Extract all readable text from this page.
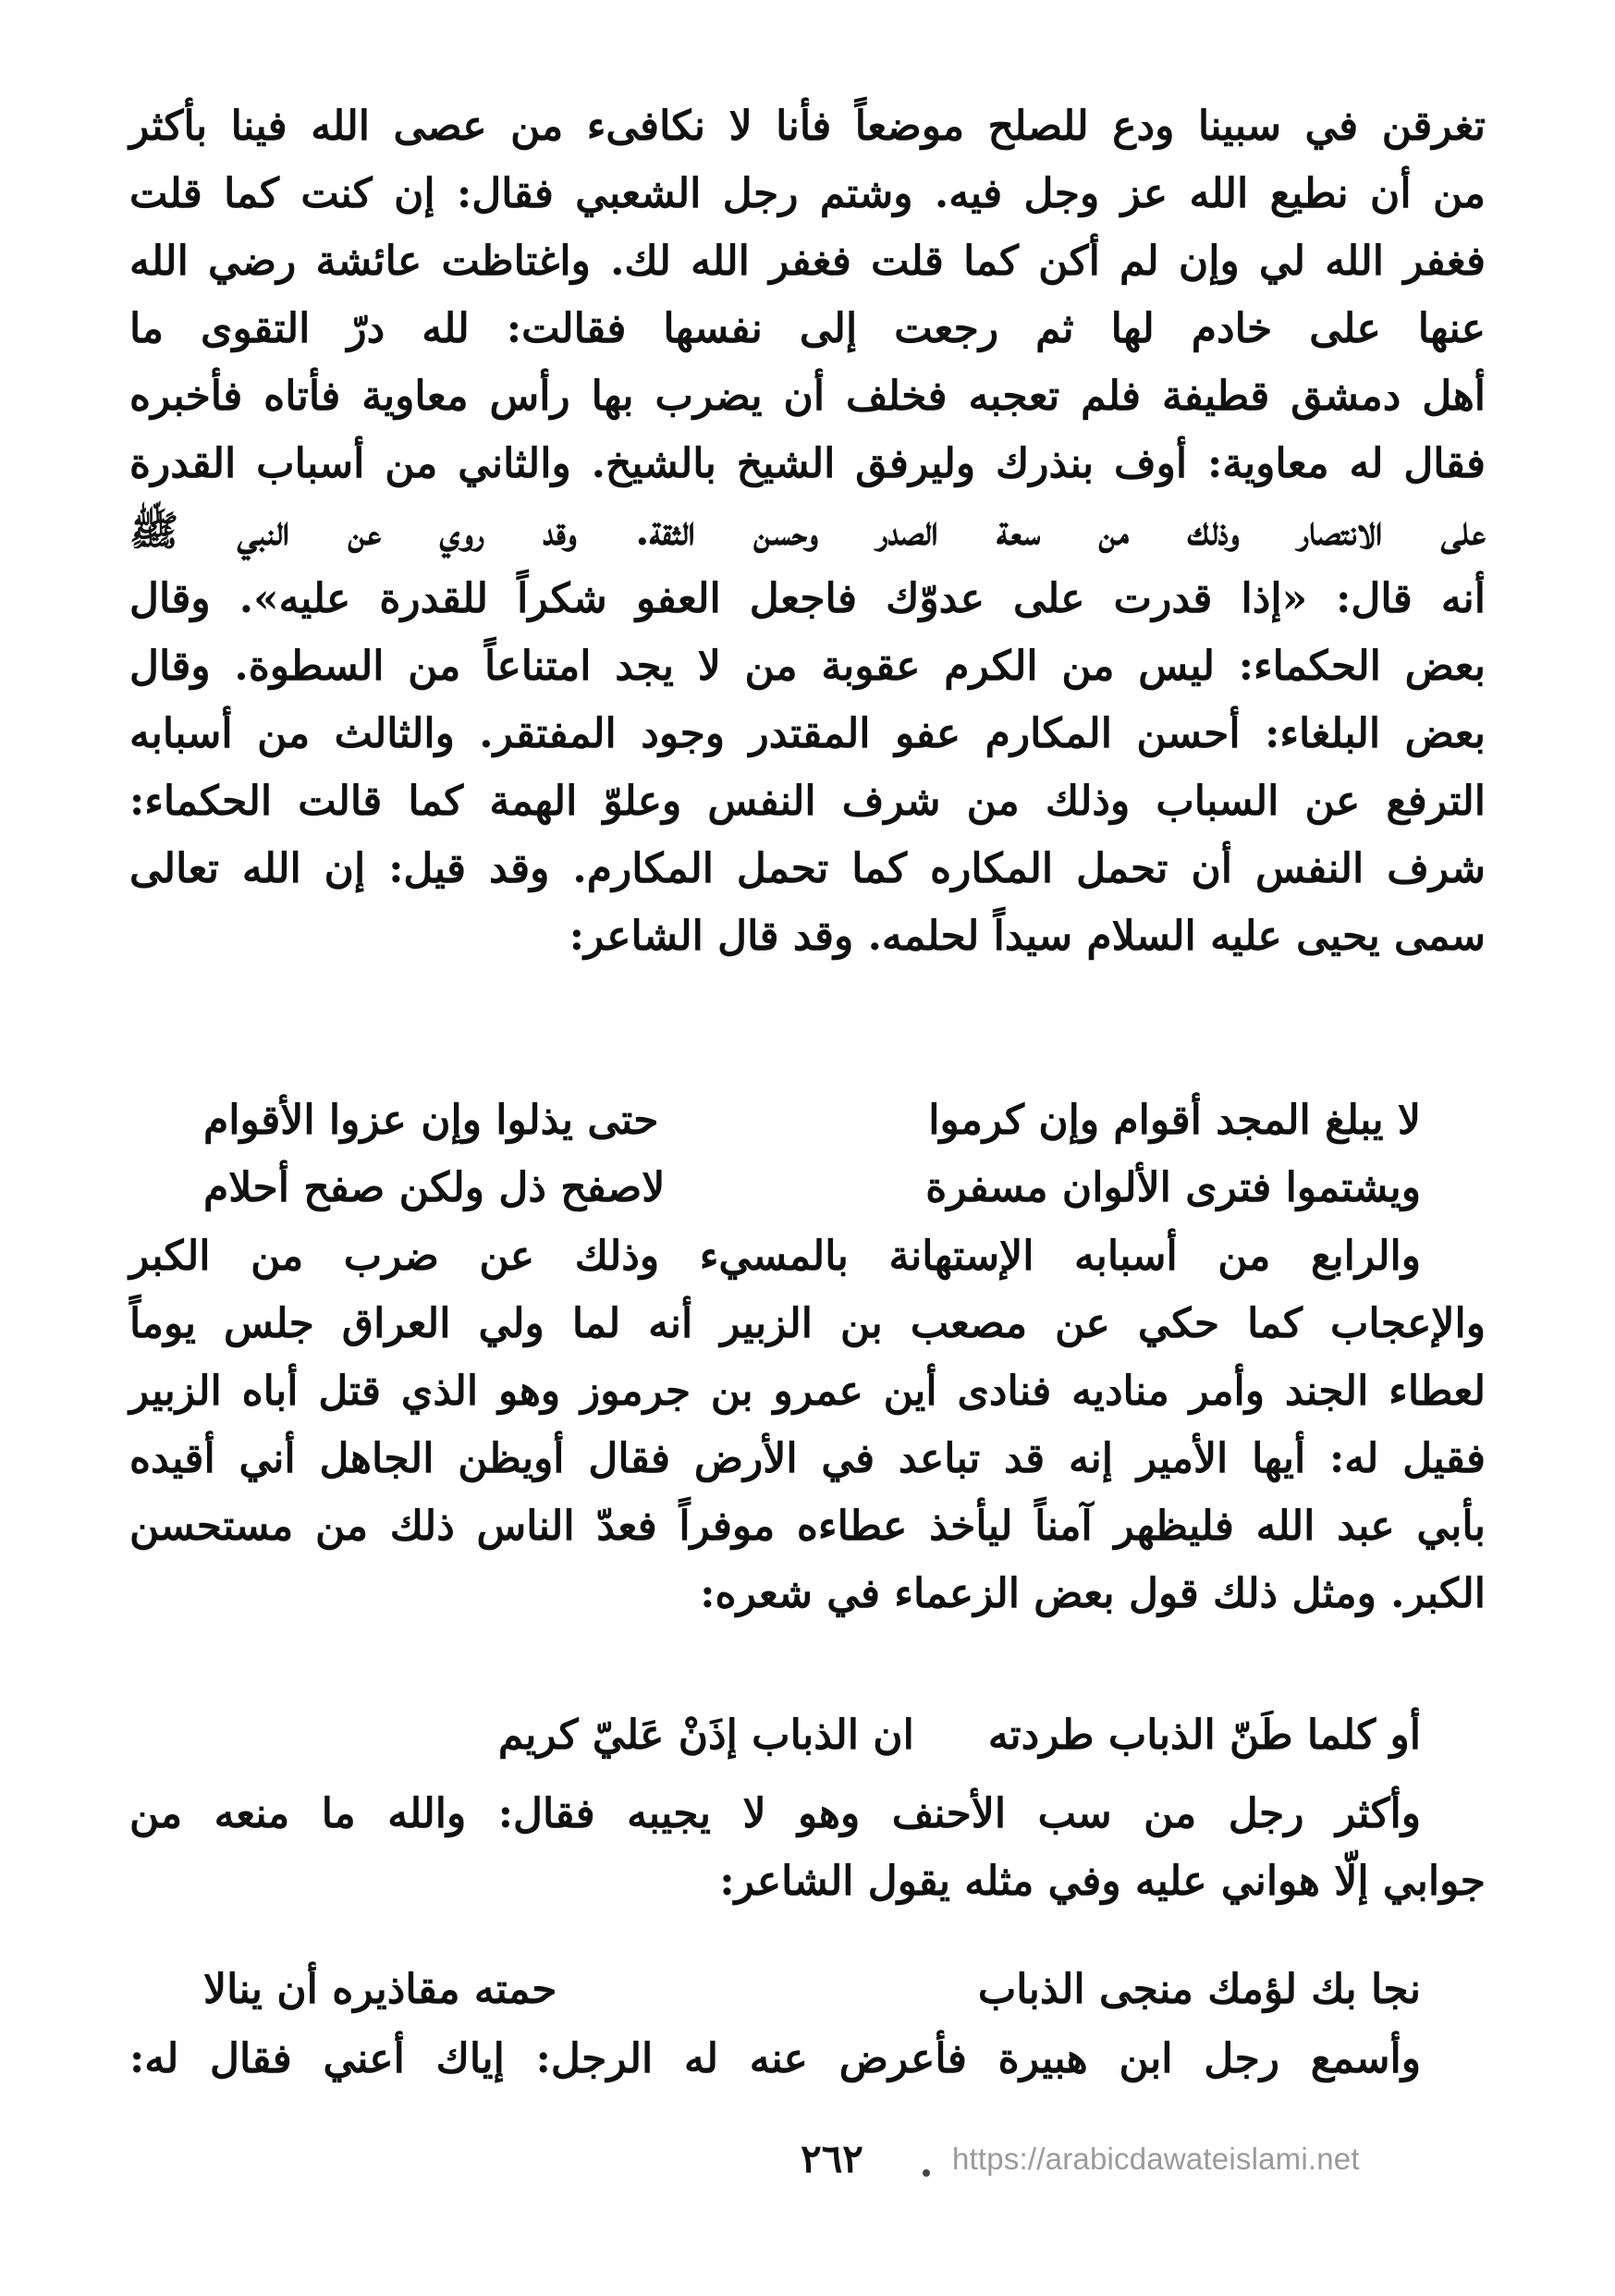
تغرقن في سبينا ودع للصلح موضعاً فأنا لا نكافىء من عصى الله فينا بأكثر
من أن نطيع الله عز وجل فيه. وشتم رجل الشعبي فقال: إن كنت كما قلت
فغفر الله لي وإن لم أكن كما قلت فغفر الله لك. واغتاظت عائشة رضي الله
عنها على خادم لها ثم رجعت إلى نفسها فقالت: لله درّ التقوى ما
أهل دمشق قطيفة فلم تعجبه فخلف أن يضرب بها رأس معاوية فأتاه فأخبره
فقال له معاوية: أوف بنذرك وليرفق الشيخ بالشيخ. والثاني من أسباب القدرة
على الانتصار وذلك من سعة الصدر وحسن الثقة. وقد روي عن النبي ﷺ
أنه قال: «إذا قدرت على عدوّك فاجعل العفو شكراً للقدرة عليه». وقال
بعض الحكماء: ليس من الكرم عقوبة من لا يجد امتناعاً من السطوة. وقال
بعض البلغاء: أحسن المكارم عفو المقتدر وجود المفتقر. والثالث من أسبابه
الترفع عن السباب وذلك من شرف النفس وعلوّ الهمة كما قالت الحكماء:
شرف النفس أن تحمل المكاره كما تحمل المكارم. وقد قيل: إن الله تعالى
سمى يحيى عليه السلام سيداً لحلمه. وقد قال الشاعر:
لا يبلغ المجد أقوام وإن كرموا
حتى يذلوا وإن عزوا الأقوام
ويشتموا فترى الألوان مسفرة
لاصفح ذل ولكن صفح أحلام
والرابع من أسبابه الإستهانة بالمسيء وذلك عن ضرب من الكبر
والإعجاب كما حكي عن مصعب بن الزبير أنه لما ولي العراق جلس يوماً
لعطاء الجند وأمر مناديه فنادى أين عمرو بن جرموز وهو الذي قتل أباه الزبير
فقيل له: أيها الأمير إنه قد تباعد في الأرض فقال أويظن الجاهل أني أقيده
بأبي عبد الله فليظهر آمناً ليأخذ عطاءه موفراً فعدّ الناس ذلك من مستحسن
الكبر. ومثل ذلك قول بعض الزعماء في شعره:
أو كلما طَنّ الذباب طردته
ان الذباب إذَنْ عَليّ كريم
وأكثر رجل من سب الأحنف وهو لا يجيبه فقال: والله ما منعه من
جوابي إلّا هواني عليه وفي مثله يقول الشاعر:
نجا بك لؤمك منجى الذباب
حمته مقاذيره أن ينالا
وأسمع رجل ابن هبيرة فأعرض عنه له الرجل: إياك أعني فقال له:
٢٦٢	https://arabicdawateislami.net
